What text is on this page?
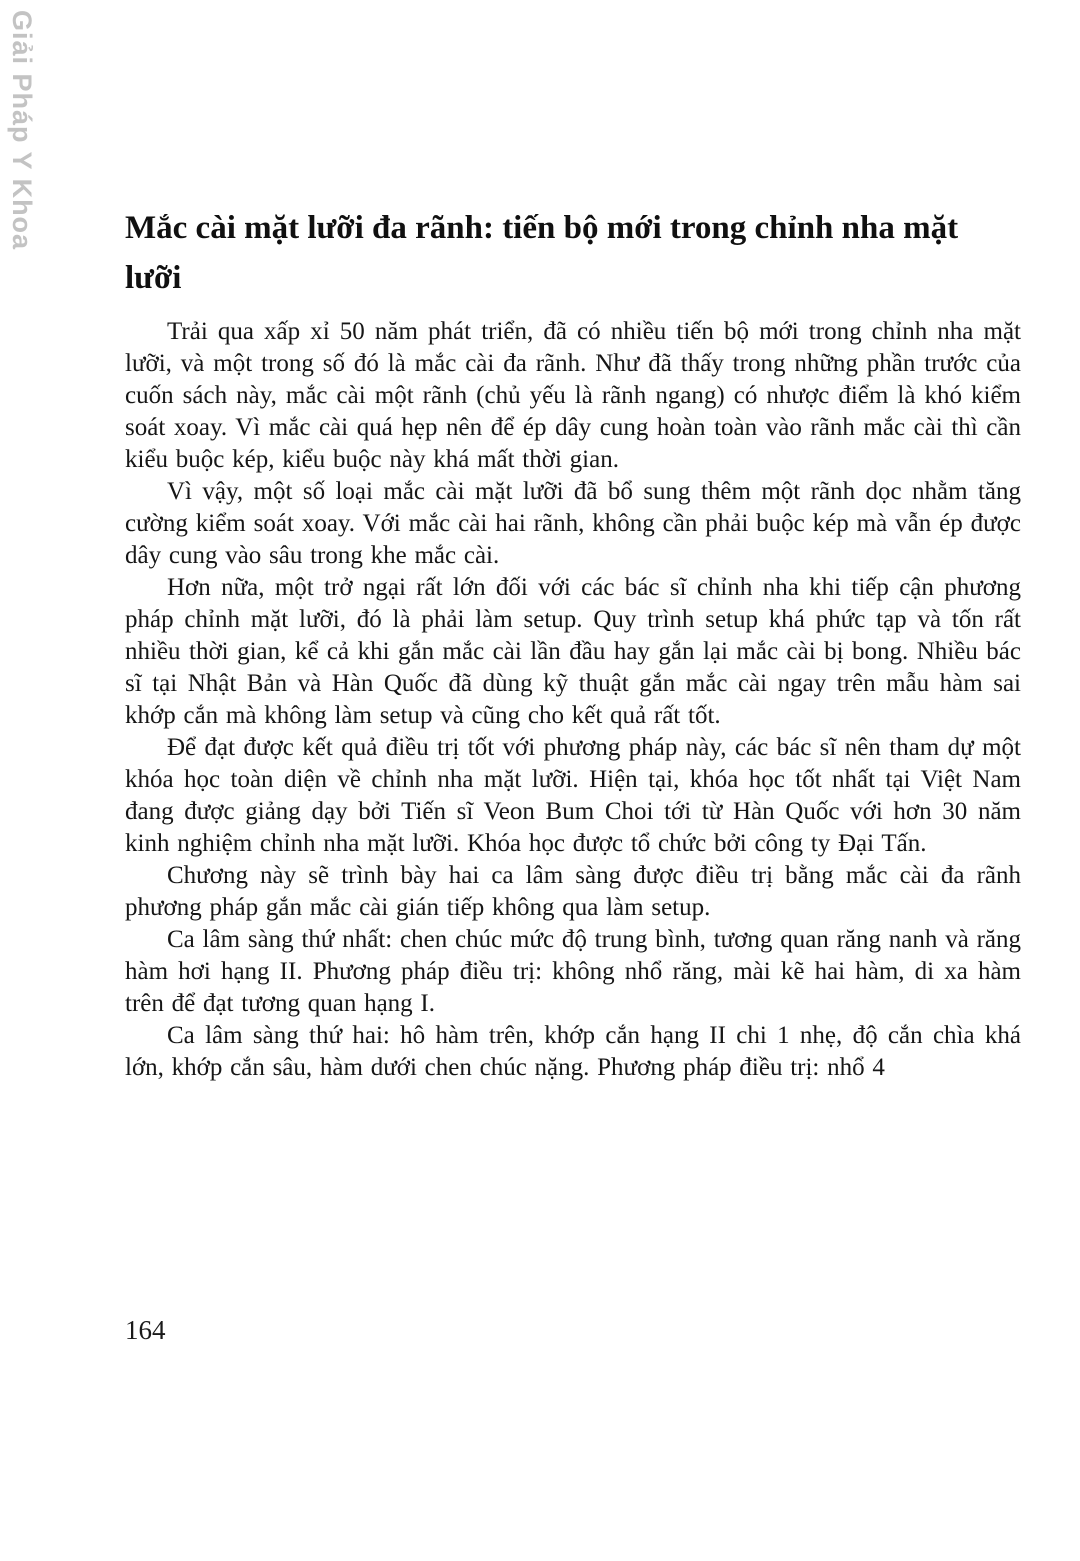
Giải Pháp Y Khoa	Mắc cài mặt lưỡi đa rãnh: tiến bộ mới trong chỉnh nha mặt lưỡi

Trải qua xấp xỉ 50 năm phát triển, đã có nhiều tiến bộ mới trong chỉnh nha mặt lưỡi, và một trong số đó là mắc cài đa rãnh. Như đã thấy trong những phần trước của cuốn sách này, mắc cài một rãnh (chủ yếu là rãnh ngang) có nhược điểm là khó kiểm soát xoay. Vì mắc cài quá hẹp nên để ép dây cung hoàn toàn vào rãnh mắc cài thì cần kiểu buộc kép, kiểu buộc này khá mất thời gian.

Vì vậy, một số loại mắc cài mặt lưỡi đã bổ sung thêm một rãnh dọc nhằm tăng cường kiểm soát xoay. Với mắc cài hai rãnh, không cần phải buộc kép mà vẫn ép được dây cung vào sâu trong khe mắc cài.

Hơn nữa, một trở ngại rất lớn đối với các bác sĩ chỉnh nha khi tiếp cận phương pháp chỉnh mặt lưỡi, đó là phải làm setup. Quy trình setup khá phức tạp và tốn rất nhiều thời gian, kể cả khi gắn mắc cài lần đầu hay gắn lại mắc cài bị bong. Nhiều bác sĩ tại Nhật Bản và Hàn Quốc đã dùng kỹ thuật gắn mắc cài ngay trên mẫu hàm sai khớp cắn mà không làm setup và cũng cho kết quả rất tốt.

Để đạt được kết quả điều trị tốt với phương pháp này, các bác sĩ nên tham dự một khóa học toàn diện về chỉnh nha mặt lưỡi. Hiện tại, khóa học tốt nhất tại Việt Nam đang được giảng dạy bởi Tiến sĩ Veon Bum Choi tới từ Hàn Quốc với hơn 30 năm kinh nghiệm chỉnh nha mặt lưỡi. Khóa học được tổ chức bởi công ty Đại Tấn.

Chương này sẽ trình bày hai ca lâm sàng được điều trị bằng mắc cài đa rãnh phương pháp gắn mắc cài gián tiếp không qua làm setup.

Ca lâm sàng thứ nhất: chen chúc mức độ trung bình, tương quan răng nanh và răng hàm hơi hạng II. Phương pháp điều trị: không nhổ răng, mài kẽ hai hàm, di xa hàm trên để đạt tương quan hạng I.

Ca lâm sàng thứ hai: hô hàm trên, khớp cắn hạng II chi 1 nhẹ, độ cắn chìa khá lớn, khớp cắn sâu, hàm dưới chen chúc nặng. Phương pháp điều trị: nhổ 4

164
